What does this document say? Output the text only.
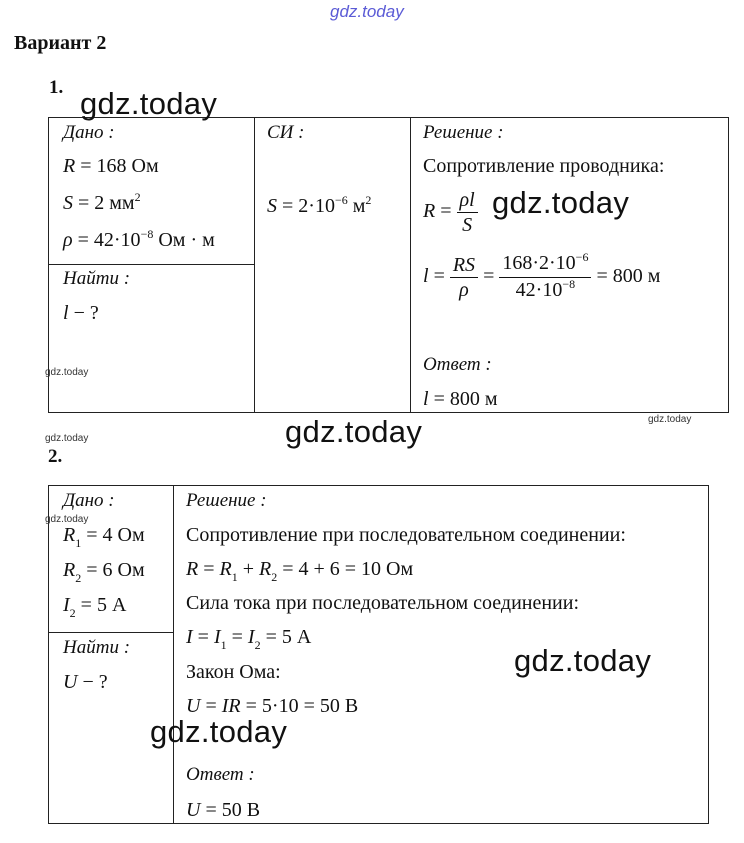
gdz.today
Вариант 2
1.
Дано :
R = 168 Ом
S = 2 $мм^2$
$\rho = 42\cdot 10^{-8}$ Ом · м
Найти :
l − ?
СИ :
$S = 2\cdot 10^{-6}$ $м^2$
Решение :
Сопротивление проводника:
$R = \frac{\rho l}{S}$
$l = \frac{RS}{\rho} = \frac{168\cdot 2\cdot 10^{-6}}{42\cdot 10^{-8}} = 800$ м
Ответ :
l = 800 м
2.
Дано :
$R_1 = 4$ Ом
$R_2 = 6$ Ом
$I_2 = 5$ А
Найти :
U − ?
Решение :
Сопротивление при последовательном соединении:
$R = R_1 + R_2 = 4 + 6 = 10$ Ом
Сила тока при последовательном соединении:
$I = I_1 = I_2 = 5$ А
Закон Ома:
U = IR = 5·10 = 50 В
Ответ :
U = 50 В
gdz.today
gdz.today
gdz.today
gdz.today
gdz.today	gdz.today
gdz.today
gdz.today
gdz.today
